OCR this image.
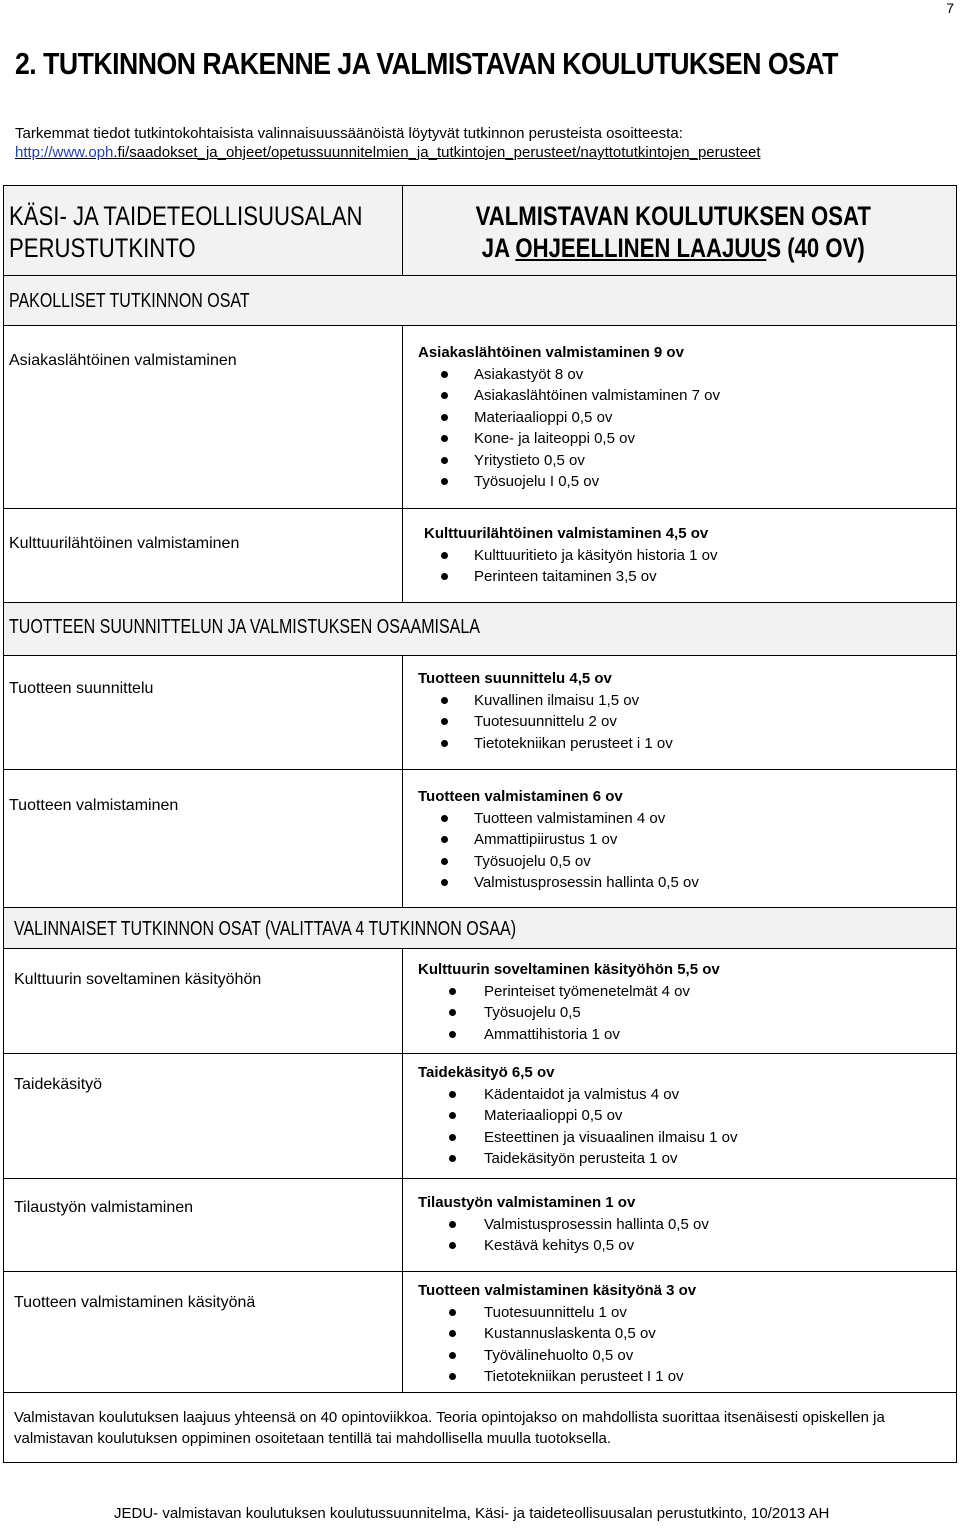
7
2. TUTKINNON RAKENNE JA VALMISTAVAN KOULUTUKSEN OSAT
Tarkemmat tiedot tutkintokohtaisista valinnaisuussäänöistä löytyvät tutkinnon perusteista osoitteesta:
http://www.oph.fi/saadokset_ja_ohjeet/opetussuunnitelmien_ja_tutkintojen_perusteet/nayttotutkintojen_perusteet
KÄSI- JA TAIDETEOLLISUUSALAN
PERUSTUTKINTO
VALMISTAVAN KOULUTUKSEN OSAT
JA OHJEELLINEN LAAJUUS (40 OV)
PAKOLLISET TUTKINNON OSAT
TUOTTEEN SUUNNITTELUN JA VALMISTUKSEN OSAAMISALA
VALINNAISET TUTKINNON OSAT (VALITTAVA 4 TUTKINNON OSAA)
Asiakaslähtöinen valmistaminen	Asiakaslähtöinen valmistaminen 9 ov
Asiakastyöt 8 ov
Asiakaslähtöinen valmistaminen 7 ov
Materiaalioppi 0,5 ov
Kone- ja laiteoppi 0,5 ov
Yritystieto 0,5 ov
Työsuojelu I 0,5 ov
Kulttuurilähtöinen valmistaminen
Kulttuurilähtöinen valmistaminen 4,5 ov
Kulttuuritieto ja käsityön historia 1 ov
Perinteen taitaminen 3,5 ov
Tuotteen suunnittelu
Tuotteen suunnittelu 4,5 ov
Kuvallinen ilmaisu 1,5 ov
Tuotesuunnittelu 2 ov
Tietotekniikan perusteet i 1 ov
Tuotteen valmistaminen
Tuotteen valmistaminen 6 ov
Tuotteen valmistaminen 4 ov
Ammattipiirustus 1 ov
Työsuojelu 0,5 ov
Valmistusprosessin hallinta 0,5 ov
Kulttuurin soveltaminen käsityöhön
Kulttuurin soveltaminen käsityöhön 5,5 ov
Perinteiset työmenetelmät 4 ov
Työsuojelu 0,5
Ammattihistoria 1 ov
Taidekäsityö
Taidekäsityö 6,5 ov
Kädentaidot ja valmistus 4 ov
Materiaalioppi 0,5 ov
Esteettinen ja visuaalinen ilmaisu 1 ov
Taidekäsityön perusteita 1 ov
Tilaustyön valmistaminen	Tilaustyön valmistaminen 1 ov
Valmistusprosessin hallinta 0,5 ov
Kestävä kehitys 0,5 ov
Tuotteen valmistaminen käsityönä
Tuotteen valmistaminen käsityönä 3 ov
Tuotesuunnittelu 1 ov
Kustannuslaskenta 0,5 ov
Työvälinehuolto 0,5 ov
Tietotekniikan perusteet I 1 ov
Valmistavan koulutuksen laajuus yhteensä on 40 opintoviikkoa. Teoria opintojakso on mahdollista suorittaa itsenäisesti opiskellen ja valmistavan koulutuksen oppiminen osoitetaan tentillä tai mahdollisella muulla tuotoksella.
JEDU- valmistavan koulutuksen koulutussuunnitelma, Käsi- ja taideteollisuusalan perustutkinto, 10/2013 AH
